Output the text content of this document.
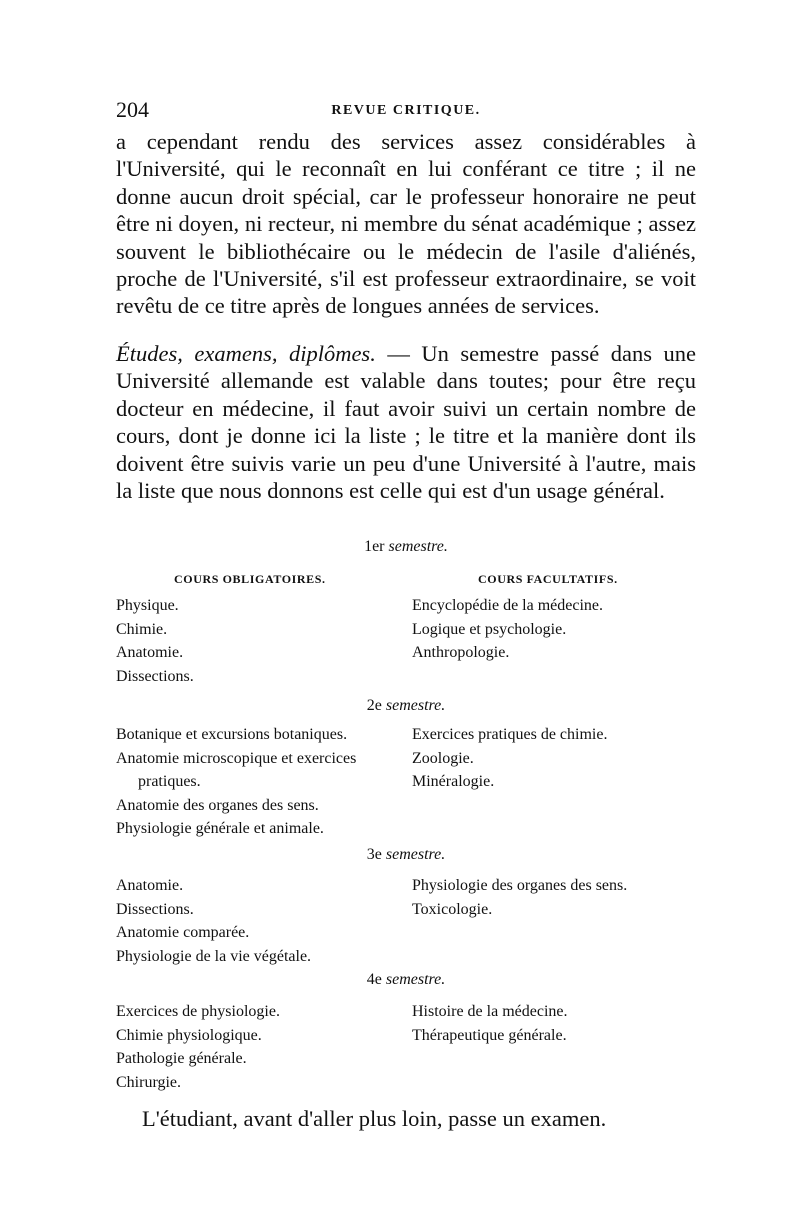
204	REVUE CRITIQUE.

a cependant rendu des services assez considérables à l'Université, qui le reconnaît en lui conférant ce titre ; il ne donne aucun droit spécial, car le professeur honoraire ne peut être ni doyen, ni recteur, ni membre du sénat académique ; assez souvent le bibliothécaire ou le médecin de l'asile d'aliénés, proche de l'Université, s'il est professeur extraordinaire, se voit revêtu de ce titre après de longues années de services.

Études, examens, diplômes. — Un semestre passé dans une Université allemande est valable dans toutes; pour être reçu docteur en médecine, il faut avoir suivi un certain nombre de cours, dont je donne ici la liste ; le titre et la manière dont ils doivent être suivis varie un peu d'une Université à l'autre, mais la liste que nous donnons est celle qui est d'un usage général.

1er semestre.
COURS OBLIGATOIRES.	COURS FACULTATIFS.
Physique.
Chimie.
Anatomie.
Dissections.
Encyclopédie de la médecine.
Logique et psychologie.
Anthropologie.
2e semestre.
Botanique et excursions botaniques.
Anatomie microscopique et exercices
pratiques.
Anatomie des organes des sens.
Physiologie générale et animale.
Exercices pratiques de chimie.
Zoologie.
Minéralogie.
3e semestre.
Anatomie.
Dissections.
Anatomie comparée.
Physiologie de la vie végétale.
Physiologie des organes des sens.
Toxicologie.
4e semestre.
Exercices de physiologie.
Chimie physiologique.
Pathologie générale.
Chirurgie.
Histoire de la médecine.
Thérapeutique générale.
L'étudiant, avant d'aller plus loin, passe un examen.
